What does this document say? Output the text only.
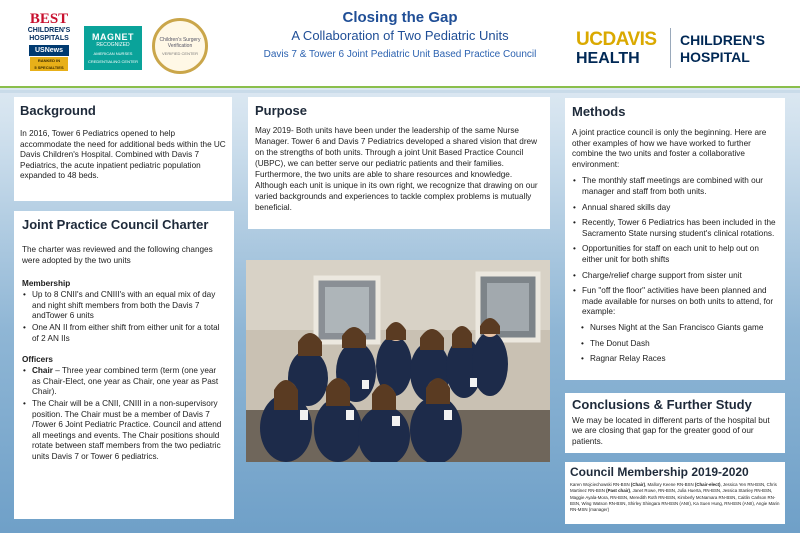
BEST
CHILDREN'S
HOSPITALS
USNews
RANKED IN
5 SPECIALTIES
MAGNET
RECOGNIZED
AMERICAN NURSES
CREDENTIALING CENTER
Children's Surgery Verification
VERIFIED CENTER
Closing the Gap
A Collaboration of Two Pediatric Units
Davis 7 & Tower 6 Joint Pediatric Unit Based Practice Council
UCDAVIS
HEALTH
CHILDREN'S
HOSPITAL
Background

In 2016, Tower 6 Pediatrics opened to help accommodate the need for additional beds within the UC Davis Children's Hospital. Combined with Davis 7 Pediatrics, the acute inpatient pediatric population expanded to 48 beds.

Joint Practice Council Charter

The charter was reviewed and the following changes were adopted by the two units

Membership
• Up to 8 CNII's and CNIII's with an equal mix of day and night shift members from both the Davis 7 andTower 6 units
• One AN II from either shift from either unit for a total of 2 AN IIs
Officers
• Chair – Three year combined term (term (one year as Chair-Elect, one year as Chair, one year as Past Chair).
• The Chair will be a CNII, CNIII in a non-supervisory position. The Chair must be a member of Davis 7 /Tower 6 Joint Pediatric Practice. Council and attend all meetings and events. The Chair positions should rotate between staff members from the two pediatric units Davis 7 or Tower 6 pediatrics.
Purpose

May 2019- Both units have been under the leadership of the same Nurse Manager. Tower 6 and Davis 7 Pediatrics developed a shared vision that drew on the strengths of both units. Through a joint Unit Based Practice Council (UBPC), we can better serve our pediatric patients and their families. Furthermore, the two units are able to share resources and knowledge. Although each unit is unique in its own right, we recognize that drawing on our varied backgrounds and experiences to tackle complex problems is mutually beneficial.

Methods

A joint practice council is only the beginning. Here are other examples of how we have worked to further combine the two units and foster a collaborative environment:

• The monthly staff meetings are combined with our manager and staff from both units.
• Annual shared skills day
• Recently, Tower 6 Pediatrics has been included in the Sacramento State nursing student's clinical rotations.
• Opportunities for staff on each unit to help out on either unit for both shifts
• Charge/relief charge support from sister unit
• Fun "off the floor" activities have been planned and made available for nurses on both units to attend, for example:
• Nurses Night at the San Francisco Giants game
• The Donut Dash
• Ragnar Relay Races
Conclusions & Further Study

We may be located in different parts of the hospital but we are closing that gap for the greater good of our patients.

Council Membership 2019-2020

Karen Wojciechowski RN-BSN (Chair), Mallory Keene RN-BSN (Chair-elect), Jessica Yen RN-BSN, Chris Martinez RN-BSN (Past chair), Janet Rowe, RN-BSN, Julia Huerta, RN-BSN, Jessica Stanley RN-BSN, Maggie Ayala-Mora, RN-BSN, Meredith Roth RN-BSN, Kimberly McNamara RN-BSN, Caitlin Carlson RN-BSN, Wing Watson RN-BSN, Shirley Shingara RN-BSN (ANII), Ka Suen Hung, RN-BSN (ANII), Angie Marin RN-MSN (manager)
